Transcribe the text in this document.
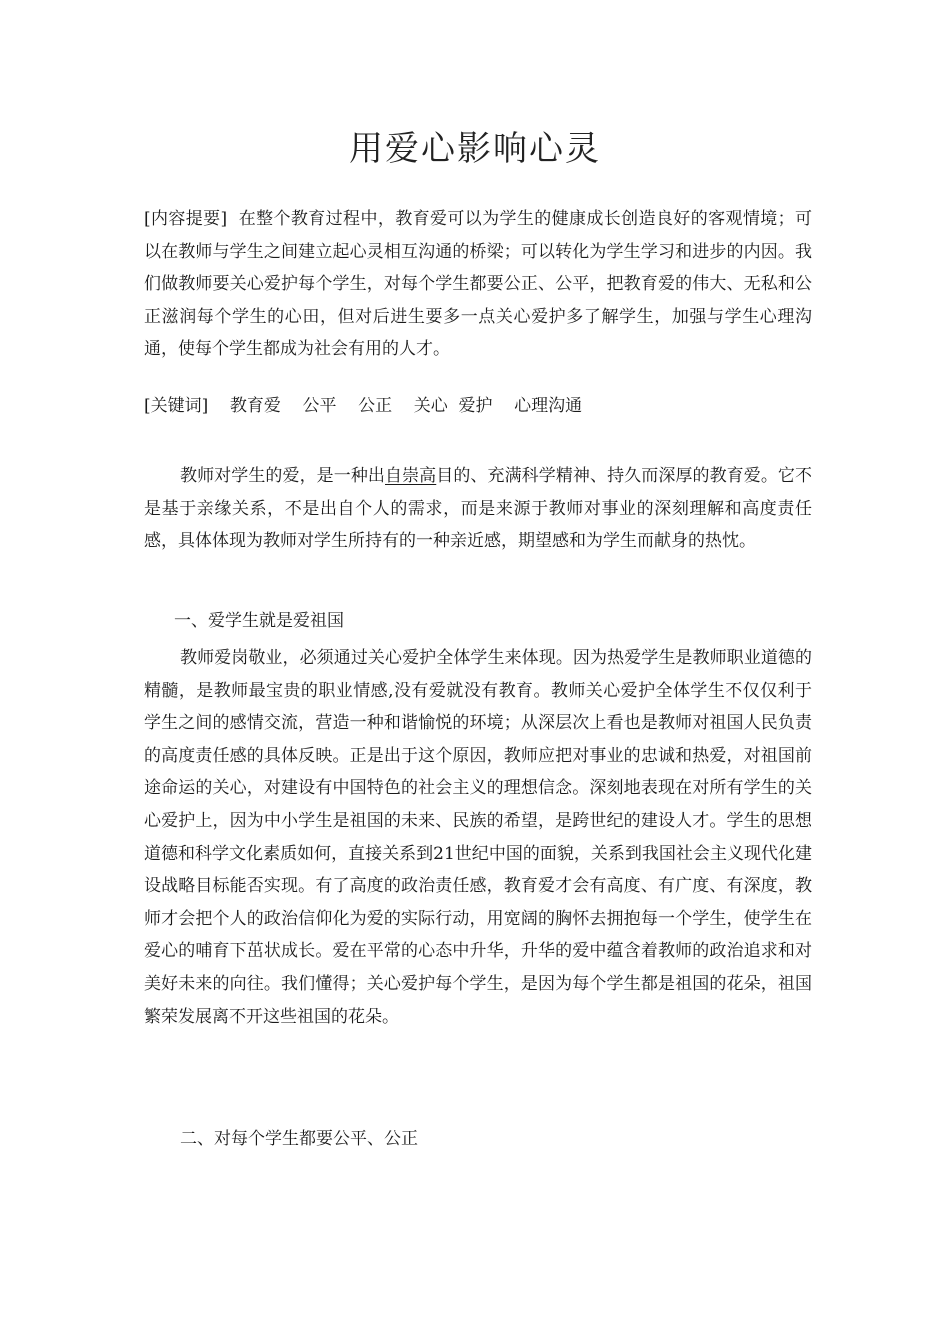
用爱心影响心灵
[内容提要] 在整个教育过程中，教育爱可以为学生的健康成长创造良好的客观情境；可以在教师与学生之间建立起心灵相互沟通的桥梁；可以转化为学生学习和进步的内因。我们做教师要关心爱护每个学生，对每个学生都要公正、公平，把教育爱的伟大、无私和公正滋润每个学生的心田，但对后进生要多一点关心爱护多了解学生，加强与学生心理沟通，使每个学生都成为社会有用的人才。
[关键词] 教育爱    公平    公正    关心  爱护    心理沟通
教师对学生的爱，是一种出自崇高目的、充满科学精神、持久而深厚的教育爱。它不是基于亲缘关系，不是出自个人的需求，而是来源于教师对事业的深刻理解和高度责任感，具体体现为教师对学生所持有的一种亲近感，期望感和为学生而献身的热忱。
一、爱学生就是爱祖国
教师爱岗敬业，必须通过关心爱护全体学生来体现。因为热爱学生是教师职业道德的精髓，是教师最宝贵的职业情感,没有爱就没有教育。教师关心爱护全体学生不仅仅利于学生之间的感情交流，营造一种和谐愉悦的环境；从深层次上看也是教师对祖国人民负责的高度责任感的具体反映。正是出于这个原因，教师应把对事业的忠诚和热爱，对祖国前途命运的关心，对建设有中国特色的社会主义的理想信念。深刻地表现在对所有学生的关心爱护上，因为中小学生是祖国的未来、民族的希望，是跨世纪的建设人才。学生的思想道德和科学文化素质如何，直接关系到21世纪中国的面貌，关系到我国社会主义现代化建设战略目标能否实现。有了高度的政治责任感，教育爱才会有高度、有广度、有深度，教师才会把个人的政治信仰化为爱的实际行动，用宽阔的胸怀去拥抱每一个学生，使学生在爱心的哺育下茁状成长。爱在平常的心态中升华，升华的爱中蕴含着教师的政治追求和对美好未来的向往。我们懂得；关心爱护每个学生，是因为每个学生都是祖国的花朵，祖国繁荣发展离不开这些祖国的花朵。
二、对每个学生都要公平、公正
